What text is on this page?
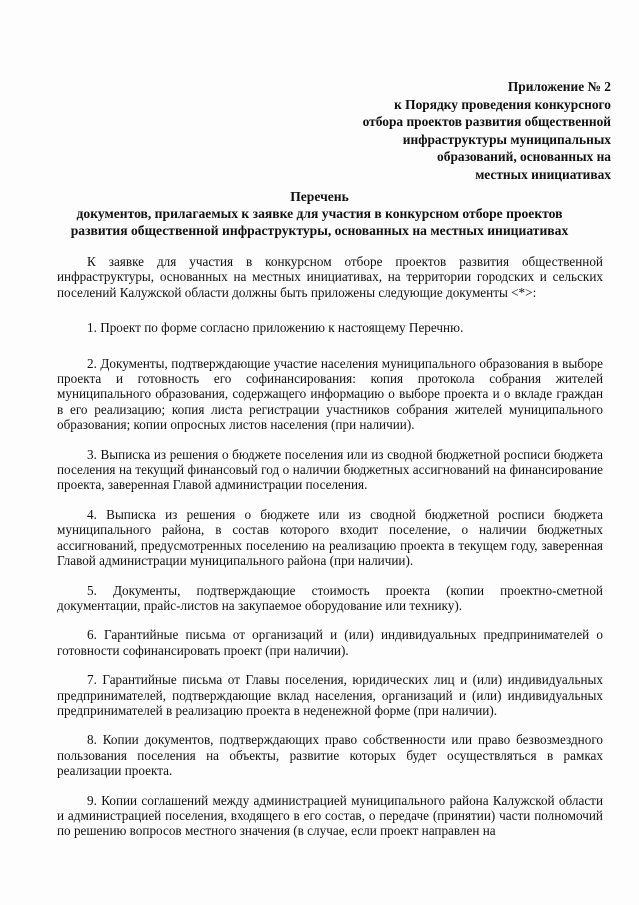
Приложение № 2
к Порядку проведения конкурсного
отбора проектов развития общественной
инфраструктуры муниципальных
образований, основанных на
местных инициативах
Перечень
документов, прилагаемых к заявке для участия в конкурсном отборе проектов
развития общественной инфраструктуры, основанных на местных инициативах

К заявке для участия в конкурсном отборе проектов развития общественной инфраструктуры, основанных на местных инициативах, на территории городских и сельских поселений Калужской области должны быть приложены следующие документы <*>:

1. Проект по форме согласно приложению к настоящему Перечню.

2. Документы, подтверждающие участие населения муниципального образования в выборе проекта и готовность его софинансирования: копия протокола собрания жителей муниципального образования, содержащего информацию о выборе проекта и о вкладе граждан в его реализацию; копия листа регистрации участников собрания жителей муниципального образования; копии опросных листов населения (при наличии).

3. Выписка из решения о бюджете поселения или из сводной бюджетной росписи бюджета поселения на текущий финансовый год о наличии бюджетных ассигнований на финансирование проекта, заверенная Главой администрации поселения.

4. Выписка из решения о бюджете или из сводной бюджетной росписи бюджета муниципального района, в состав которого входит поселение, о наличии бюджетных ассигнований, предусмотренных поселению на реализацию проекта в текущем году, заверенная Главой администрации муниципального района (при наличии).

5. Документы, подтверждающие стоимость проекта (копии проектно-сметной документации, прайс-листов на закупаемое оборудование или технику).

6. Гарантийные письма от организаций и (или) индивидуальных предпринимателей о готовности софинансировать проект (при наличии).

7. Гарантийные письма от Главы поселения, юридических лиц и (или) индивидуальных предпринимателей, подтверждающие вклад населения, организаций и (или) индивидуальных предпринимателей в реализацию проекта в неденежной форме (при наличии).

8. Копии документов, подтверждающих право собственности или право безвозмездного пользования поселения на объекты, развитие которых будет осуществляться в рамках реализации проекта.

9. Копии соглашений между администрацией муниципального района Калужской области и администрацией поселения, входящего в его состав, о передаче (принятии) части полномочий по решению вопросов местного значения (в случае, если проект направлен на
